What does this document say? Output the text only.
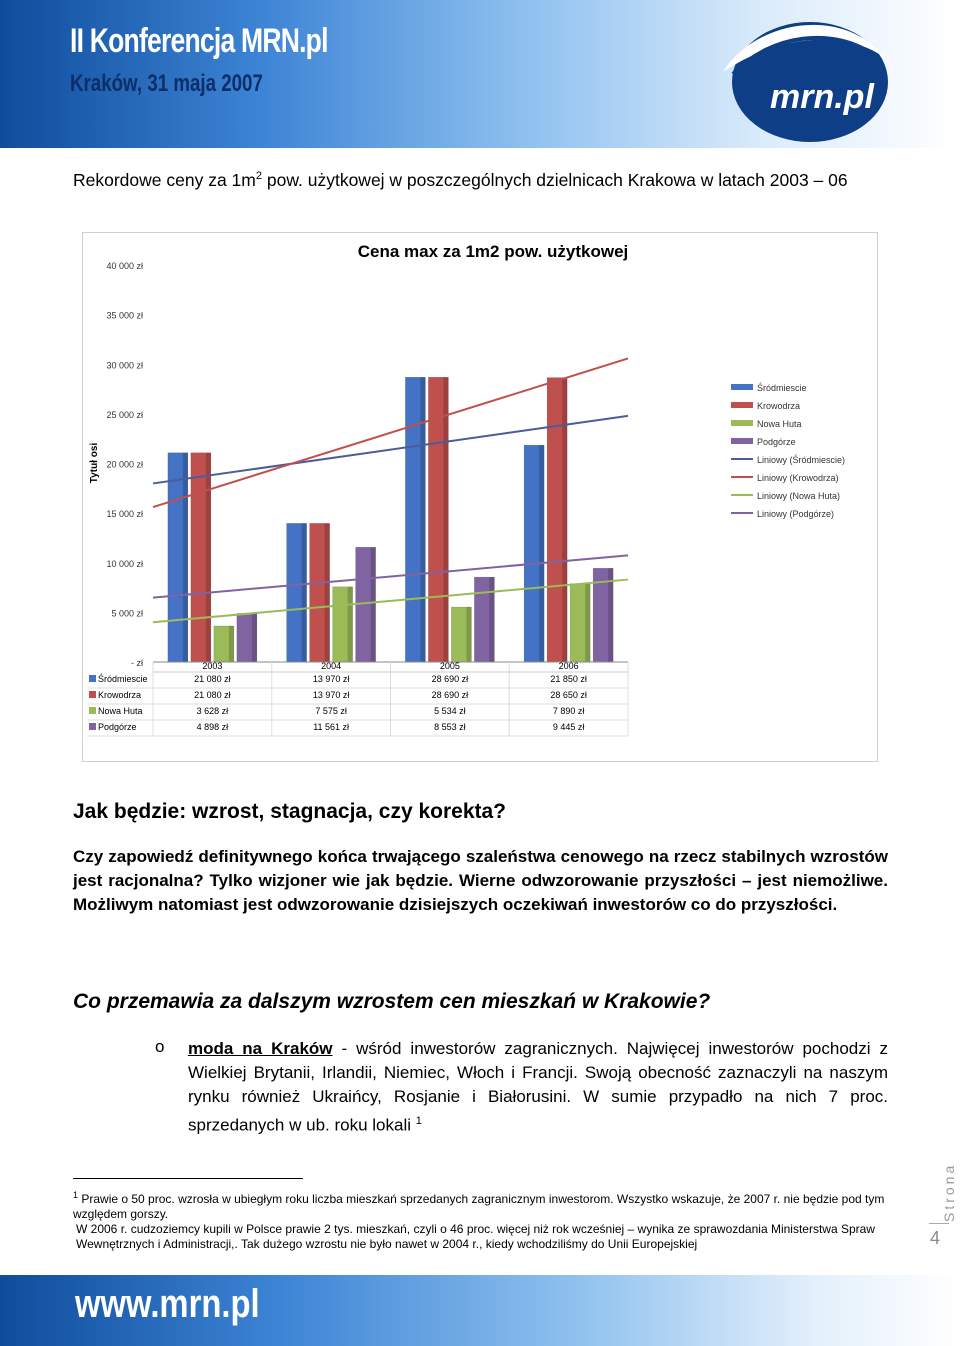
II Konferencja MRN.pl
Kraków, 31 maja 2007	mrn.pl
Rekordowe ceny za $1m^2$ pow. użytkowej w poszczególnych dzielnicach Krakowa w latach 2003 – 06
Cena max za 1m2 pow. użytkowej
Tytuł osi
40 000 zł
35 000 zł
30 000 zł
25 000 zł
20 000 zł
15 000 zł
10 000 zł
5 000 zł
- zł	2003	2004	2005	2006
Śródmiescie	21 080 zł	13 970 zł	28 690 zł	21 850 zł
Krowodrza	21 080 zł	13 970 zł	28 690 zł	28 650 zł
Nowa Huta	3 628 zł	7 575 zł	5 534 zł	7 890 zł
Podgórze	4 898 zł	11 561 zł	8 553 zł	9 445 zł
Śródmiescie
Krowodrza
Nowa Huta
Podgórze
Liniowy (Śródmiescie)
Liniowy (Krowodrza)
Liniowy (Nowa Huta)
Liniowy (Podgórze)
Jak będzie: wzrost, stagnacja, czy korekta?
Czy zapowiedź definitywnego końca trwającego szaleństwa cenowego na rzecz stabilnych wzrostów jest racjonalna? Tylko wizjoner wie jak będzie. Wierne odwzorowanie przyszłości – jest niemożliwe. Możliwym natomiast jest odwzorowanie dzisiejszych oczekiwań inwestorów co do przyszłości.
Co przemawia za dalszym wzrostem cen mieszkań w Krakowie?
o moda na Kraków - wśród inwestorów zagranicznych. Najwięcej inwestorów pochodzi z Wielkiej Brytanii, Irlandii, Niemiec, Włoch i Francji. Swoją obecność zaznaczyli na naszym rynku również Ukraińcy, Rosjanie i Białorusini. W sumie przypadło na nich 7 proc. sprzedanych w ub. roku lokali $^1$

$^1$ Prawie o 50 proc. wzrosła w ubiegłym roku liczba mieszkań sprzedanych zagranicznym inwestorom. Wszystko wskazuje, że 2007 r. nie będzie pod tym względem gorszy.

W 2006 r. cudzoziemcy kupili w Polsce prawie 2 tys. mieszkań, czyli o 46 proc. więcej niż rok wcześniej – wynika ze sprawozdania Ministerstwa Spraw Wewnętrznych i Administracji,. Tak dużego wzrostu nie było nawet w 2004 r., kiedy wchodziliśmy do Unii Europejskiej	4
Strona
www.mrn.pl
